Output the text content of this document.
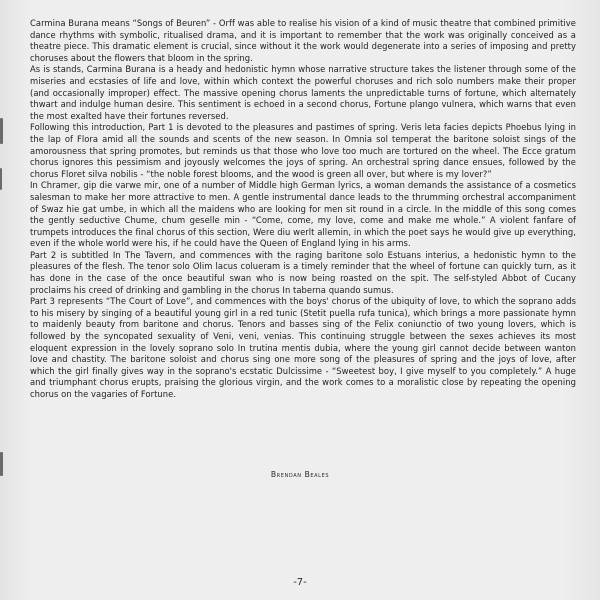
Carmina Burana means “Songs of Beuren” - Orff was able to realise his vision of a kind of music theatre that combined primitive dance rhythms with symbolic, ritualised drama, and it is important to remember that the work was originally conceived as a theatre piece. This dramatic element is crucial, since without it the work would degenerate into a series of imposing and pretty choruses about the flowers that bloom in the spring.

As is stands, Carmina Burana is a heady and hedonistic hymn whose narrative structure takes the listener through some of the miseries and ecstasies of life and love, within which context the powerful choruses and rich solo numbers make their proper (and occasionally improper) effect. The massive opening chorus laments the unpredictable turns of fortune, which alternately thwart and indulge human desire. This sentiment is echoed in a second chorus, Fortune plango vulnera, which warns that even the most exalted have their fortunes reversed.

Following this introduction, Part 1 is devoted to the pleasures and pastimes of spring. Veris leta facies depicts Phoebus lying in the lap of Flora amid all the sounds and scents of the new season. In Omnia sol temperat the baritone soloist sings of the amorousness that spring promotes, but reminds us that those who love too much are tortured on the wheel. The Ecce gratum chorus ignores this pessimism and joyously welcomes the joys of spring. An orchestral spring dance ensues, followed by the chorus Floret silva nobilis - “the noble forest blooms, and the wood is green all over, but where is my lover?”

In Chramer, gip die varwe mir, one of a number of Middle high German lyrics, a woman demands the assistance of a cosmetics salesman to make her more attractive to men. A gentle instrumental dance leads to the thrumming orchestral accompaniment of Swaz hie gat umbe, in which all the maidens who are looking for men sit round in a circle. In the middle of this song comes the gently seductive Chume, chum geselle min - “Come, come, my love, come and make me whole.” A violent fanfare of trumpets introduces the final chorus of this section, Were diu werlt allemin, in which the poet says he would give up everything, even if the whole world were his, if he could have the Queen of England lying in his arms.

Part 2 is subtitled In The Tavern, and commences with the raging baritone solo Estuans interius, a hedonistic hymn to the pleasures of the flesh. The tenor solo Olim lacus colueram is a timely reminder that the wheel of fortune can quickly turn, as it has done in the case of the once beautiful swan who is now being roasted on the spit. The self-styled Abbot of Cucany proclaims his creed of drinking and gambling in the chorus In taberna quando sumus.

Part 3 represents “The Court of Love”, and commences with the boys' chorus of the ubiquity of love, to which the soprano adds to his misery by singing of a beautiful young girl in a red tunic (Stetit puella rufa tunica), which brings a more passionate hymn to maidenly beauty from baritone and chorus. Tenors and basses sing of the Felix coniunctio of two young lovers, which is followed by the syncopated sexuality of Veni, veni, venias. This continuing struggle between the sexes achieves its most eloquent expression in the lovely soprano solo In trutina mentis dubia, where the young girl cannot decide between wanton love and chastity. The baritone soloist and chorus sing one more song of the pleasures of spring and the joys of love, after which the girl finally gives way in the soprano's ecstatic Dulcissime - “Sweetest boy, I give myself to you completely.” A huge and triumphant chorus erupts, praising the glorious virgin, and the work comes to a moralistic close by repeating the opening chorus on the vagaries of Fortune.

Brendan Beales
-7-
